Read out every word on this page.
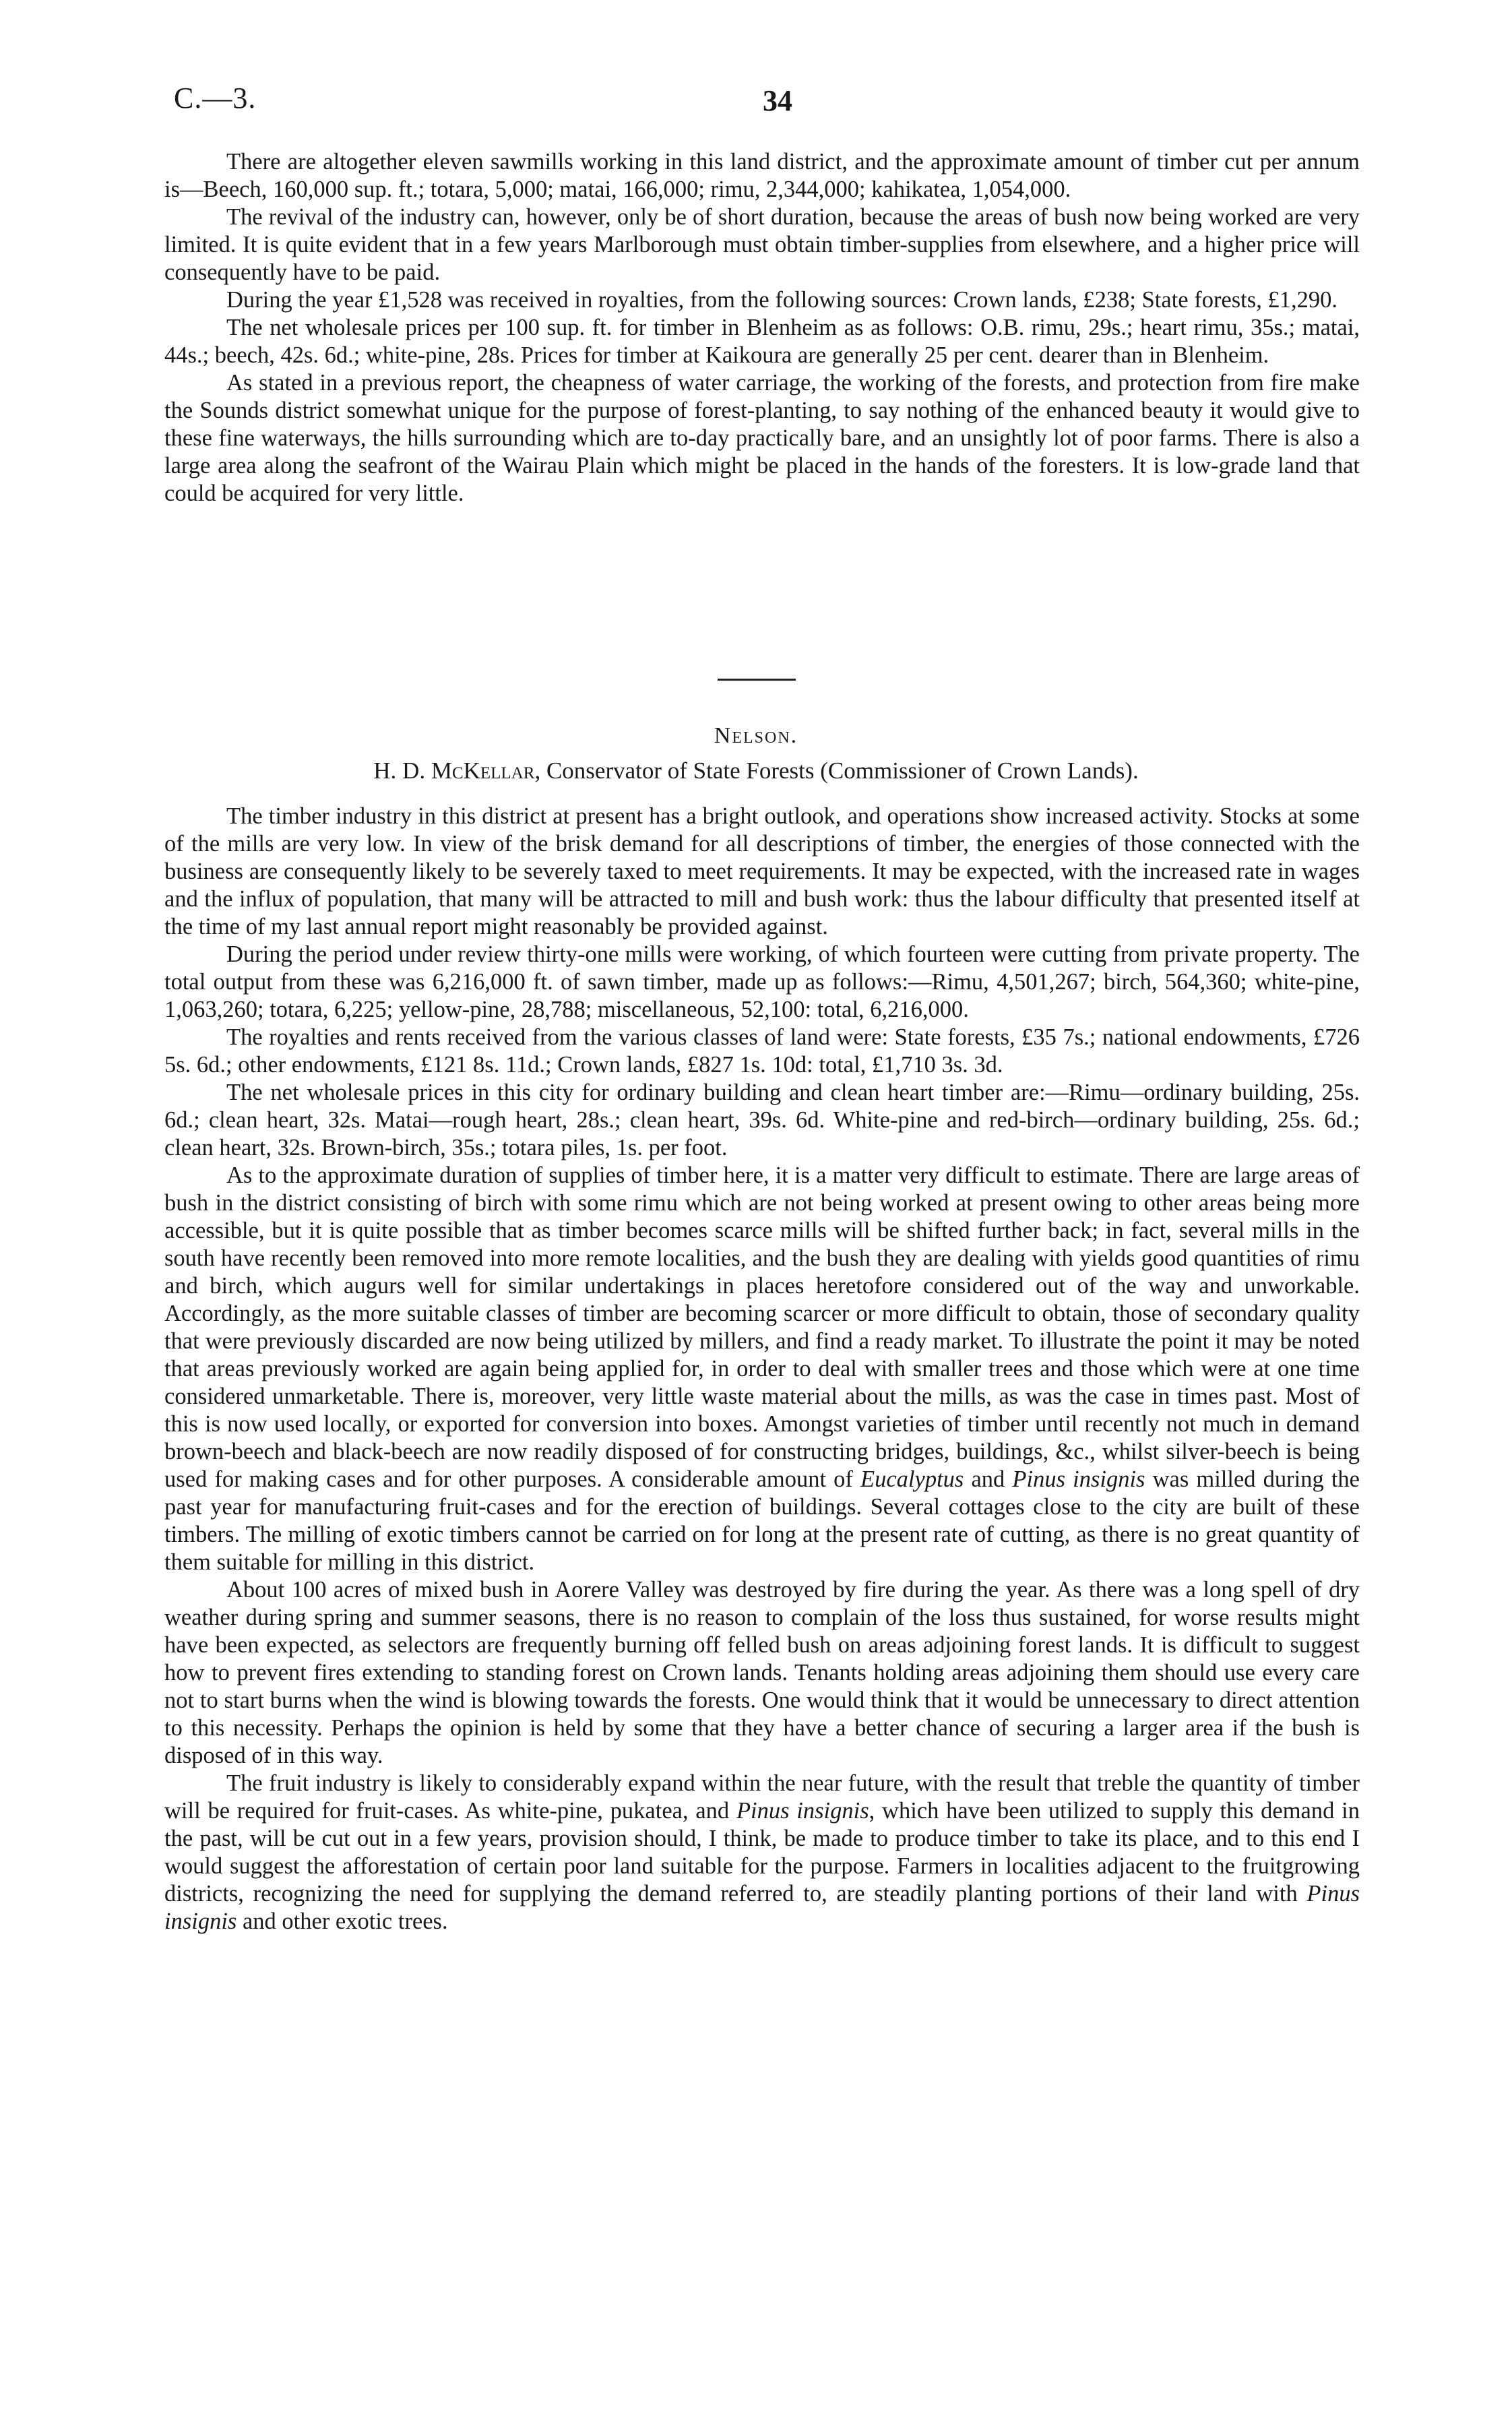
C.—3.	34

There are altogether eleven sawmills working in this land district, and the approximate amount of timber cut per annum is—Beech, 160,000 sup. ft.; totara, 5,000; matai, 166,000; rimu, 2,344,000; kahikatea, 1,054,000.

The revival of the industry can, however, only be of short duration, because the areas of bush now being worked are very limited. It is quite evident that in a few years Marlborough must obtain timber-supplies from elsewhere, and a higher price will consequently have to be paid.

During the year £1,528 was received in royalties, from the following sources: Crown lands, £238; State forests, £1,290.

The net wholesale prices per 100 sup. ft. for timber in Blenheim as as follows: O.B. rimu, 29s.; heart rimu, 35s.; matai, 44s.; beech, 42s. 6d.; white-pine, 28s. Prices for timber at Kaikoura are generally 25 per cent. dearer than in Blenheim.

As stated in a previous report, the cheapness of water carriage, the working of the forests, and protection from fire make the Sounds district somewhat unique for the purpose of forest-planting, to say nothing of the enhanced beauty it would give to these fine waterways, the hills surrounding which are to-day practically bare, and an unsightly lot of poor farms. There is also a large area along the seafront of the Wairau Plain which might be placed in the hands of the foresters. It is low-grade land that could be acquired for very little.

Nelson.
H. D. McKellar, Conservator of State Forests (Commissioner of Crown Lands).

The timber industry in this district at present has a bright outlook, and operations show increased activity. Stocks at some of the mills are very low. In view of the brisk demand for all descriptions of timber, the energies of those connected with the business are consequently likely to be severely taxed to meet requirements. It may be expected, with the increased rate in wages and the influx of population, that many will be attracted to mill and bush work: thus the labour difficulty that presented itself at the time of my last annual report might reasonably be provided against.

During the period under review thirty-one mills were working, of which fourteen were cutting from private property. The total output from these was 6,216,000 ft. of sawn timber, made up as follows:—Rimu, 4,501,267; birch, 564,360; white-pine, 1,063,260; totara, 6,225; yellow-pine, 28,788; miscellaneous, 52,100: total, 6,216,000.

The royalties and rents received from the various classes of land were: State forests, £35 7s.; national endowments, £726 5s. 6d.; other endowments, £121 8s. 11d.; Crown lands, £827 1s. 10d: total, £1,710 3s. 3d.

The net wholesale prices in this city for ordinary building and clean heart timber are:—Rimu—ordinary building, 25s. 6d.; clean heart, 32s. Matai—rough heart, 28s.; clean heart, 39s. 6d. White-pine and red-birch—ordinary building, 25s. 6d.; clean heart, 32s. Brown-birch, 35s.; totara piles, 1s. per foot.

As to the approximate duration of supplies of timber here, it is a matter very difficult to estimate. There are large areas of bush in the district consisting of birch with some rimu which are not being worked at present owing to other areas being more accessible, but it is quite possible that as timber becomes scarce mills will be shifted further back; in fact, several mills in the south have recently been removed into more remote localities, and the bush they are dealing with yields good quantities of rimu and birch, which augurs well for similar undertakings in places heretofore considered out of the way and unworkable. Accordingly, as the more suitable classes of timber are becoming scarcer or more difficult to obtain, those of secondary quality that were previously discarded are now being utilized by millers, and find a ready market. To illustrate the point it may be noted that areas previously worked are again being applied for, in order to deal with smaller trees and those which were at one time considered unmarketable. There is, moreover, very little waste material about the mills, as was the case in times past. Most of this is now used locally, or exported for conversion into boxes. Amongst varieties of timber until recently not much in demand brown-beech and black-beech are now readily disposed of for constructing bridges, buildings, &c., whilst silver-beech is being used for making cases and for other purposes. A considerable amount of Eucalyptus and Pinus insignis was milled during the past year for manufacturing fruit-cases and for the erection of buildings. Several cottages close to the city are built of these timbers. The milling of exotic timbers cannot be carried on for long at the present rate of cutting, as there is no great quantity of them suitable for milling in this district.

About 100 acres of mixed bush in Aorere Valley was destroyed by fire during the year. As there was a long spell of dry weather during spring and summer seasons, there is no reason to complain of the loss thus sustained, for worse results might have been expected, as selectors are frequently burning off felled bush on areas adjoining forest lands. It is difficult to suggest how to prevent fires extending to standing forest on Crown lands. Tenants holding areas adjoining them should use every care not to start burns when the wind is blowing towards the forests. One would think that it would be unnecessary to direct attention to this necessity. Perhaps the opinion is held by some that they have a better chance of securing a larger area if the bush is disposed of in this way.

The fruit industry is likely to considerably expand within the near future, with the result that treble the quantity of timber will be required for fruit-cases. As white-pine, pukatea, and Pinus insignis, which have been utilized to supply this demand in the past, will be cut out in a few years, provision should, I think, be made to produce timber to take its place, and to this end I would suggest the afforestation of certain poor land suitable for the purpose. Farmers in localities adjacent to the fruitgrowing districts, recognizing the need for supplying the demand referred to, are steadily planting portions of their land with Pinus insignis and other exotic trees.
